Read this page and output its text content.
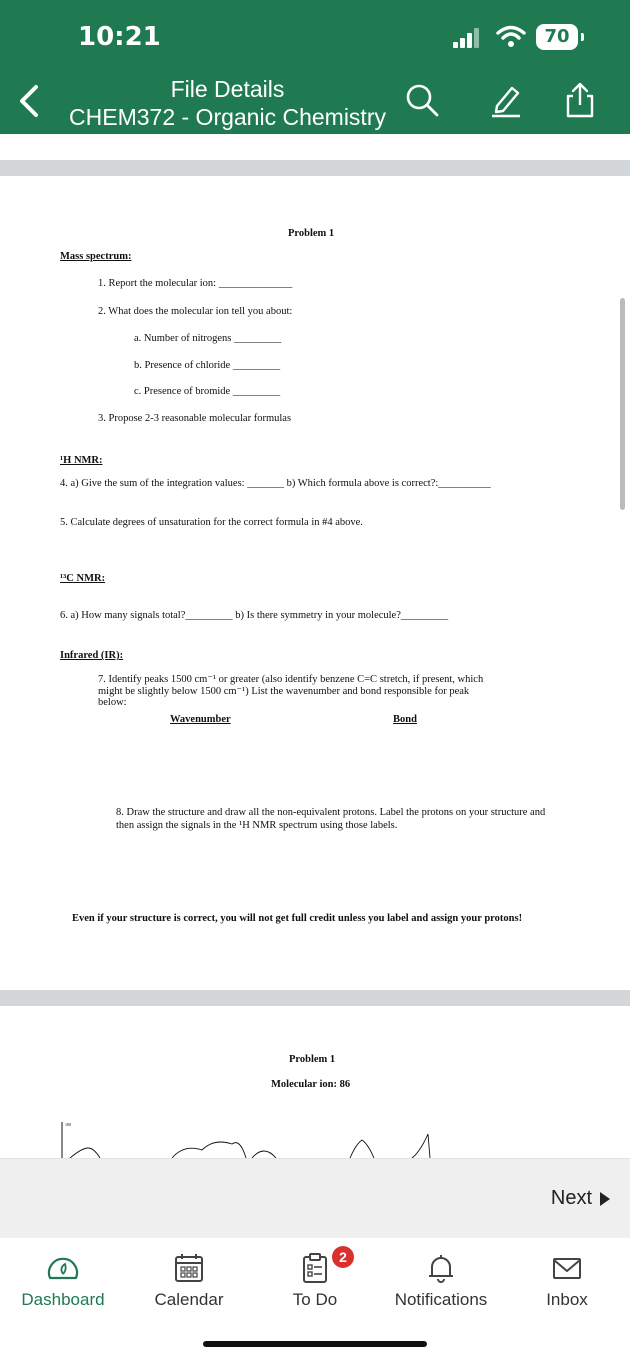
10:21	70
File Details
CHEM372 - Organic Chemistry I...
Problem 1
Mass spectrum:
1. Report the molecular ion: ______________
2. What does the molecular ion tell you about:
a. Number of nitrogens _________
b. Presence of chloride _________
c. Presence of bromide _________
3. Propose 2-3 reasonable molecular formulas
¹H NMR:
4. a) Give the sum of the integration values: _______ b) Which formula above is correct?:__________
5. Calculate degrees of unsaturation for the correct formula in #4 above.
¹³C NMR:
6. a) How many signals total?_________ b) Is there symmetry in your molecule?_________
Infrared (IR):
7. Identify peaks 1500 cm⁻¹ or greater (also identify benzene C=C stretch, if present, which
might be slightly below 1500 cm⁻¹) List the wavenumber and bond responsible for peak
below:
Wavenumber	Bond
8. Draw the structure and draw all the non-equivalent protons. Label the protons on your structure and
then assign the signals in the ¹H NMR spectrum using those labels.
Even if your structure is correct, you will not get full credit unless you label and assign your protons!
Problem 1
Molecular ion: 86
100
Next
Dashboard	Calendar
2
To Do	Notifications	Inbox
